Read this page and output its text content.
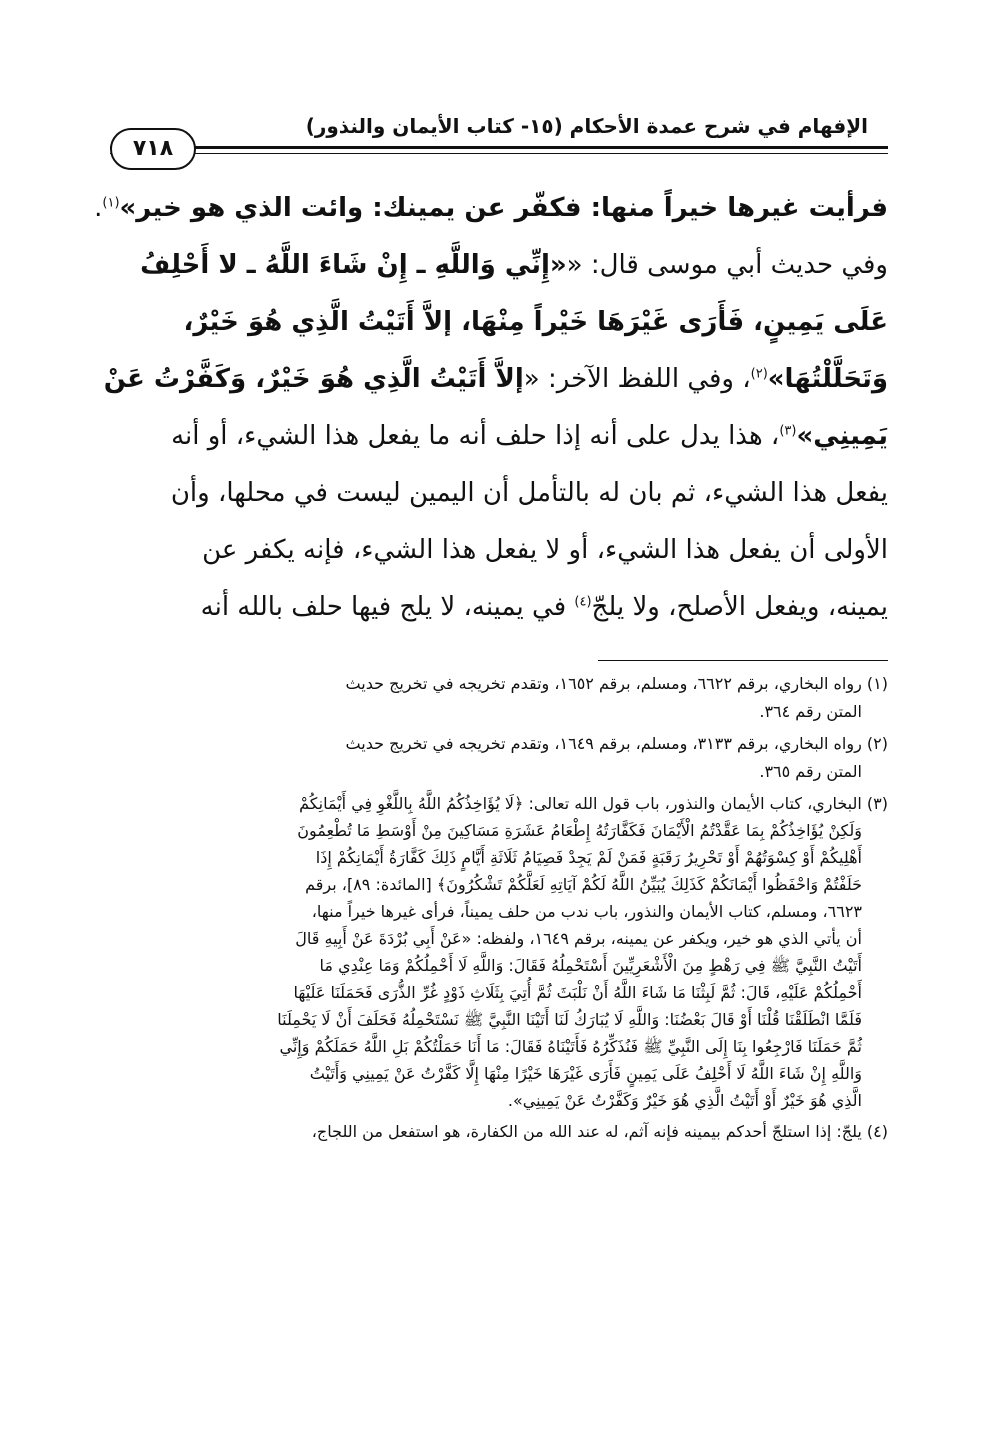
الإفهام في شرح عمدة الأحكام (١٥- كتاب الأيمان والنذور)
٧١٨
فرأيت غيرها خيراً منها: فكفّر عن يمينك: وائت الذي هو خير»$^{(١)}$.
وفي حديث أبي موسى قال: ««إِنِّي وَاللَّهِ ـ إِنْ شَاءَ اللَّهُ ـ لا أَحْلِفُ
عَلَى يَمِينٍ، فَأَرَى غَيْرَهَا خَيْراً مِنْهَا، إلاَّ أَتَيْتُ الَّذِي هُوَ خَيْرٌ،
وَتَحَلَّلْتُهَا»$^{(٢)}$، وفي اللفظ الآخر: «إلاَّ أَتَيْتُ الَّذِي هُوَ خَيْرٌ، وَكَفَّرْتُ عَنْ
يَمِينِي»$^{(٣)}$، هذا يدل على أنه إذا حلف أنه ما يفعل هذا الشيء، أو أنه
يفعل هذا الشيء، ثم بان له بالتأمل أن اليمين ليست في محلها، وأن
الأولى أن يفعل هذا الشيء، أو لا يفعل هذا الشيء، فإنه يكفر عن
يمينه، ويفعل الأصلح، ولا يلجّ$^{(٤)}$ في يمينه، لا يلج فيها حلف بالله أنه
(١) رواه البخاري، برقم ٦٦٢٢، ومسلم، برقم ١٦٥٢، وتقدم تخريجه في تخريج حديث
المتن رقم ٣٦٤.
(٢) رواه البخاري، برقم ٣١٣٣، ومسلم، برقم ١٦٤٩، وتقدم تخريجه في تخريج حديث
المتن رقم ٣٦٥.
(٣) البخاري، كتاب الأيمان والنذور، باب قول الله تعالى: ﴿لَا يُؤَاخِذُكُمُ اللَّهُ بِاللَّغْوِ فِي أَيْمَانِكُمْ
وَلَكِنْ يُؤَاخِذُكُمْ بِمَا عَقَّدْتُمُ الْأَيْمَانَ فَكَفَّارَتُهُ إِطْعَامُ عَشَرَةِ مَسَاكِينَ مِنْ أَوْسَطِ مَا تُطْعِمُونَ
أَهْلِيكُمْ أَوْ كِسْوَتُهُمْ أَوْ تَحْرِيرُ رَقَبَةٍ فَمَنْ لَمْ يَجِدْ فَصِيَامُ ثَلَاثَةِ أَيَّامٍ ذَلِكَ كَفَّارَةُ أَيْمَانِكُمْ إِذَا
حَلَفْتُمْ وَاحْفَظُوا أَيْمَانَكُمْ كَذَلِكَ يُبَيِّنُ اللَّهُ لَكُمْ آيَاتِهِ لَعَلَّكُمْ تَشْكُرُونَ﴾ [المائدة: ٨٩]، برقم
٦٦٢٣، ومسلم، كتاب الأيمان والنذور، باب ندب من حلف يميناً، فرأى غيرها خيراً منها،
أن يأتي الذي هو خير، ويكفر عن يمينه، برقم ١٦٤٩، ولفظه: «عَنْ أَبِي بُرْدَةَ عَنْ أَبِيهِ قَالَ
أَتَيْتُ النَّبِيَّ ﷺ فِي رَهْطٍ مِنَ الْأَشْعَرِيِّينَ أَسْتَحْمِلُهُ فَقَالَ: وَاللَّهِ لَا أَحْمِلُكُمْ وَمَا عِنْدِي مَا
أَحْمِلُكُمْ عَلَيْهِ، قَالَ: ثُمَّ لَبِثْنَا مَا شَاءَ اللَّهُ أَنْ نَلْبَثَ ثُمَّ أُتِيَ بِثَلَاثِ ذَوْدٍ غُرِّ الذُّرَى فَحَمَلَنَا عَلَيْهَا
فَلَمَّا انْطَلَقْنَا قُلْنَا أَوْ قَالَ بَعْضُنَا: وَاللَّهِ لَا يُبَارَكُ لَنَا أَتَيْنَا النَّبِيَّ ﷺ نَسْتَحْمِلُهُ فَحَلَفَ أَنْ لَا يَحْمِلَنَا
ثُمَّ حَمَلَنَا فَارْجِعُوا بِنَا إِلَى النَّبِيِّ ﷺ فَنُذَكِّرُهُ فَأَتَيْنَاهُ فَقَالَ: مَا أَنَا حَمَلْتُكُمْ بَلِ اللَّهُ حَمَلَكُمْ وَإِنِّي
وَاللَّهِ إِنْ شَاءَ اللَّهُ لَا أَحْلِفُ عَلَى يَمِينٍ فَأَرَى غَيْرَهَا خَيْرًا مِنْهَا إِلَّا كَفَّرْتُ عَنْ يَمِينِي وَأَتَيْتُ
الَّذِي هُوَ خَيْرٌ أَوْ أَتَيْتُ الَّذِي هُوَ خَيْرٌ وَكَفَّرْتُ عَنْ يَمِينِي».
(٤) يلجّ: إذا استلجّ أحدكم بيمينه فإنه آثم، له عند الله من الكفارة، هو استفعل من اللجاج،
